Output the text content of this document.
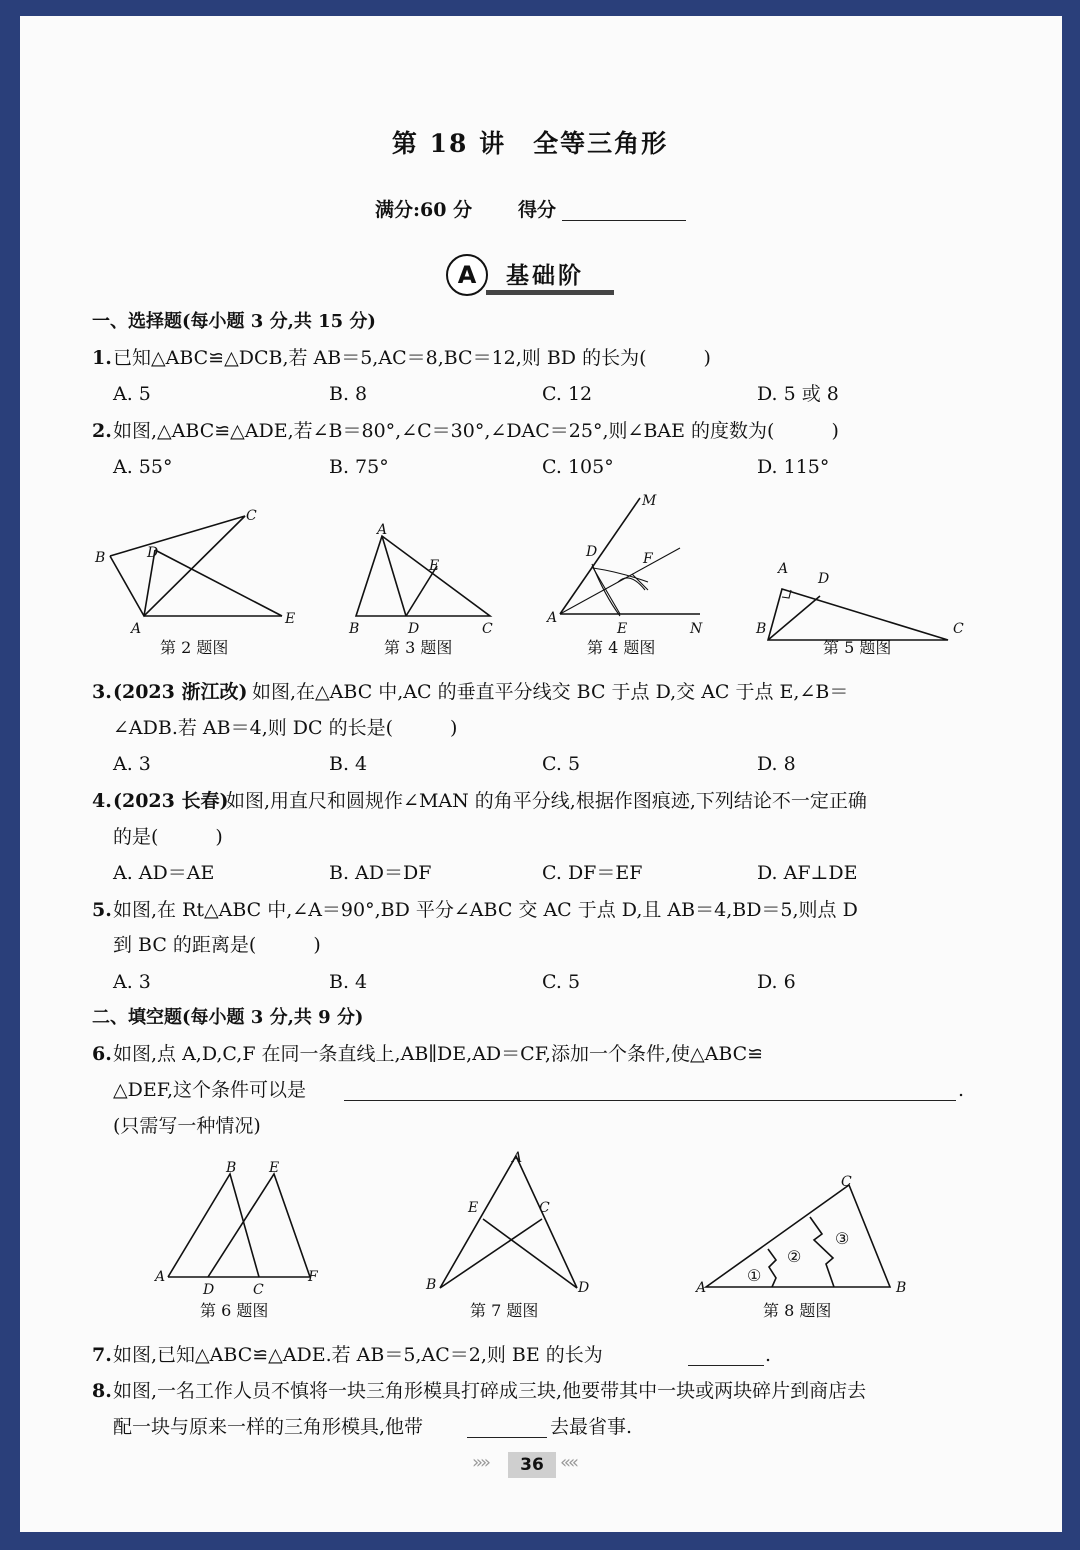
第 18 讲　全等三角形
满分:60 分 得分
A	基础阶
一、选择题(每小题 3 分,共 15 分)
1. 已知△ABC≌△DCB,若 AB＝5,AC＝8,BC＝12,则 BD 的长为(　　　)
A. 5	B. 8	C. 12	D. 5 或 8
2. 如图,△ABC≌△ADE,若∠B＝80°,∠C＝30°,∠DAC＝25°,则∠BAE 的度数为(　　　)
A. 55°	B. 75°	C. 105°	D. 115°
C
B	D
A
E
A
E
B	D	C
M
D	F
A
E	N
A
D
B	C
第 2 题图	第 3 题图	第 4 题图	第 5 题图
3. (2023 浙江改) 如图,在△ABC 中,AC 的垂直平分线交 BC 于点 D,交 AC 于点 E,∠B＝
∠ADB.若 AB＝4,则 DC 的长是(　　　)
A. 3	B. 4	C. 5	D. 8
4. (2023 长春)
如图,用直尺和圆规作∠MAN 的角平分线,根据作图痕迹,下列结论不一定正确
的是(　　　)
A. AD＝AE	B. AD＝DF	C. DF＝EF	D. AF⊥DE
5. 如图,在 Rt△ABC 中,∠A＝90°,BD 平分∠ABC 交 AC 于点 D,且 AB＝4,BD＝5,则点 D
到 BC 的距离是(　　　)
A. 3	B. 4	C. 5	D. 6
二、填空题(每小题 3 分,共 9 分)
6. 如图,点 A,D,C,F 在同一条直线上,AB∥DE,AD＝CF,添加一个条件,使△ABC≌
△DEF,这个条件可以是	.
(只需写一种情况)
B E
A
D	C
F
A
E	C
B	D
C
A	B
①
②
③
第 6 题图	第 7 题图	第 8 题图
7. 如图,已知△ABC≌△ADE.若 AB＝5,AC＝2,则 BE 的长为	.
8. 如图,一名工作人员不慎将一块三角形模具打碎成三块,他要带其中一块或两块碎片到商店去
配一块与原来一样的三角形模具,他带	去最省事.
»»	36 ««
